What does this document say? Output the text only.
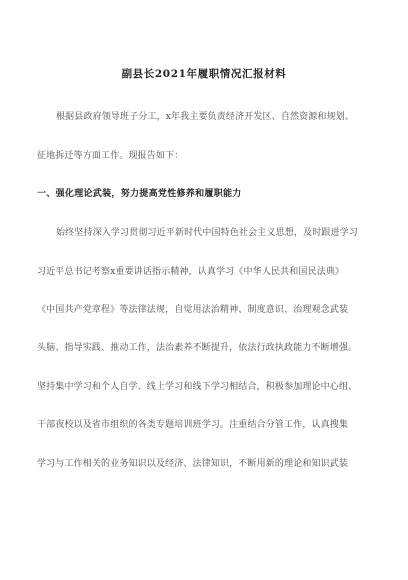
副县长2021年履职情况汇报材料
根据县政府领导班子分工，x年我主要负责经济开发区、自然资源和规划、
征地拆迁等方面工作。现报告如下：
一、强化理论武装，努力提高党性修养和履职能力
始终坚持深入学习贯彻习近平新时代中国特色社会主义思想，及时跟进学习
习近平总书记考察x重要讲话指示精神，认真学习《中华人民共和国民法典》
《中国共产党章程》等法律法规，自觉用法治精神、制度意识、治理观念武装
头脑、指导实践、推动工作，法治素养不断提升，依法行政执政能力不断增强。
坚持集中学习和个人自学、线上学习和线下学习相结合，积极参加理论中心组、
干部夜校以及省市组织的各类专题培训班学习。注重结合分管工作，认真搜集
学习与工作相关的业务知识以及经济、法律知识，不断用新的理论和知识武装
